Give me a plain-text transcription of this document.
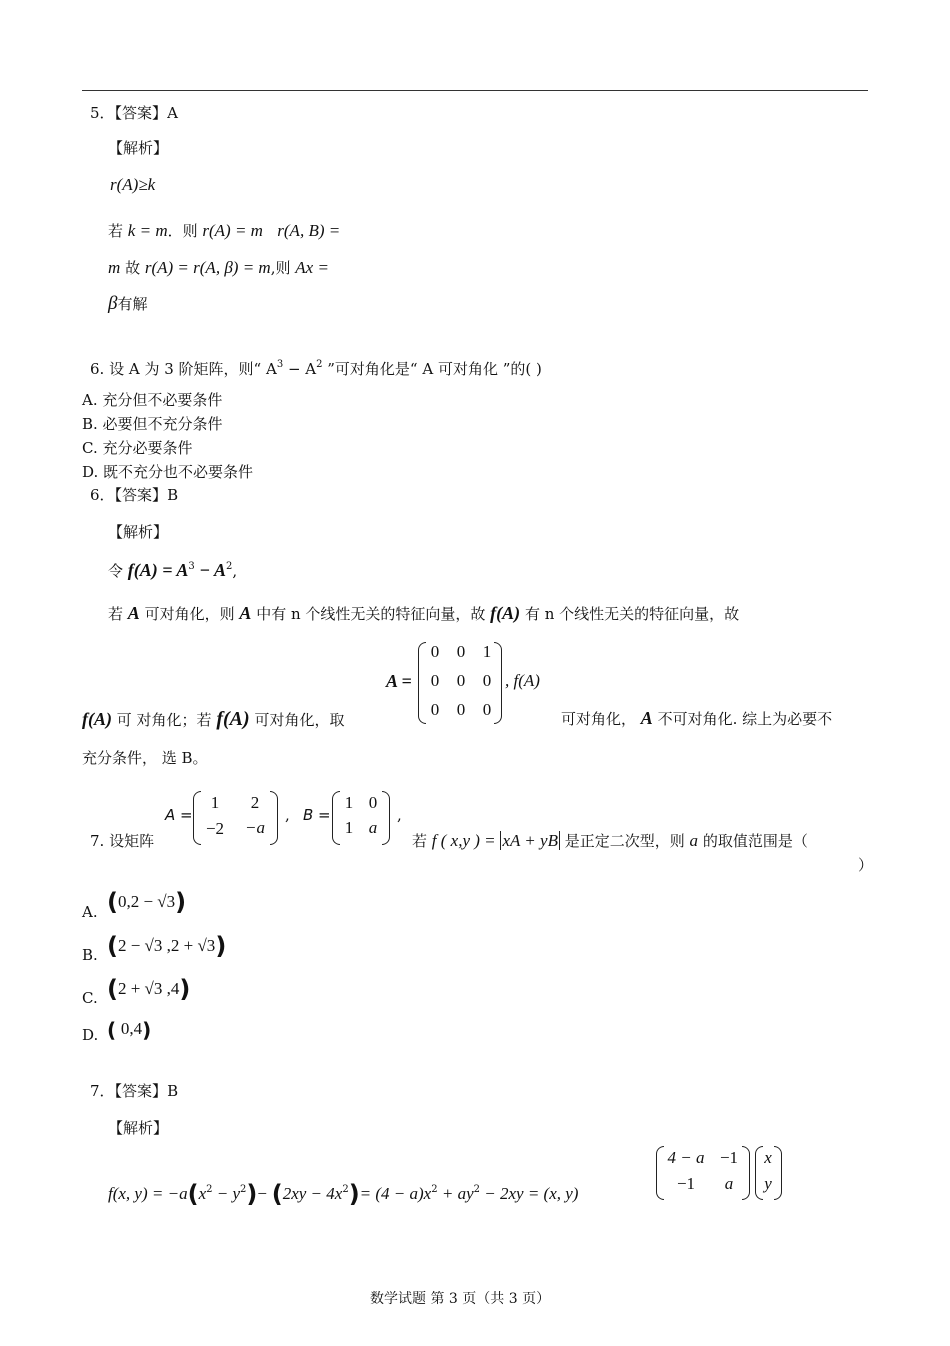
5．【答案】A
【解析】
r(A)≥k
若 k = m．则 r(A) = m r(A, B) =
m 故 r(A) = r(A, β) = m,则 Ax =
β有解
6. 设 A 为 3 阶矩阵，则“ $A^3 - A^2$ ”可对角化是“ A 可对角化 ”的( )
A. 充分但不必要条件
B. 必要但不充分条件
C. 充分必要条件
D. 既不充分也不必要条件
6．【答案】B
【解析】
令 $f(A) = A^3 - A^2$,
若 A 可对角化，则 A 中有 n 个线性无关的特征向量，故 f(A) 有 n 个线性无关的特征向量，故
A =
0	0	1
0	0	0
0	0	0
, f(A)
f(A) 可 对角化；若 f(A) 可对角化，取	可对角化， A 不可对角化. 综上为必要不
充分条件， 选 B。
7. 设矩阵
A =
1	2
−2	−a
, B =
1 0
1 a
,
若 f ( x,y ) = xA + yB 是正定二次型，则 a 的取值范围是（
）
A. (0,2 − √3)
B. (2 − √3 ,2 + √3)
C. (2 + √3 ,4)
D. ( 0,4)
7．【答案】B
【解析】
f(x, $y) = -a(x^2 - y^2)- (2xy - 4x^2)= (4 - a)x^2 + ay^2 - 2xy = (x$, y)
4 − a −1
−1	a
x
y
数学试题 第 3 页（共 3 页）
